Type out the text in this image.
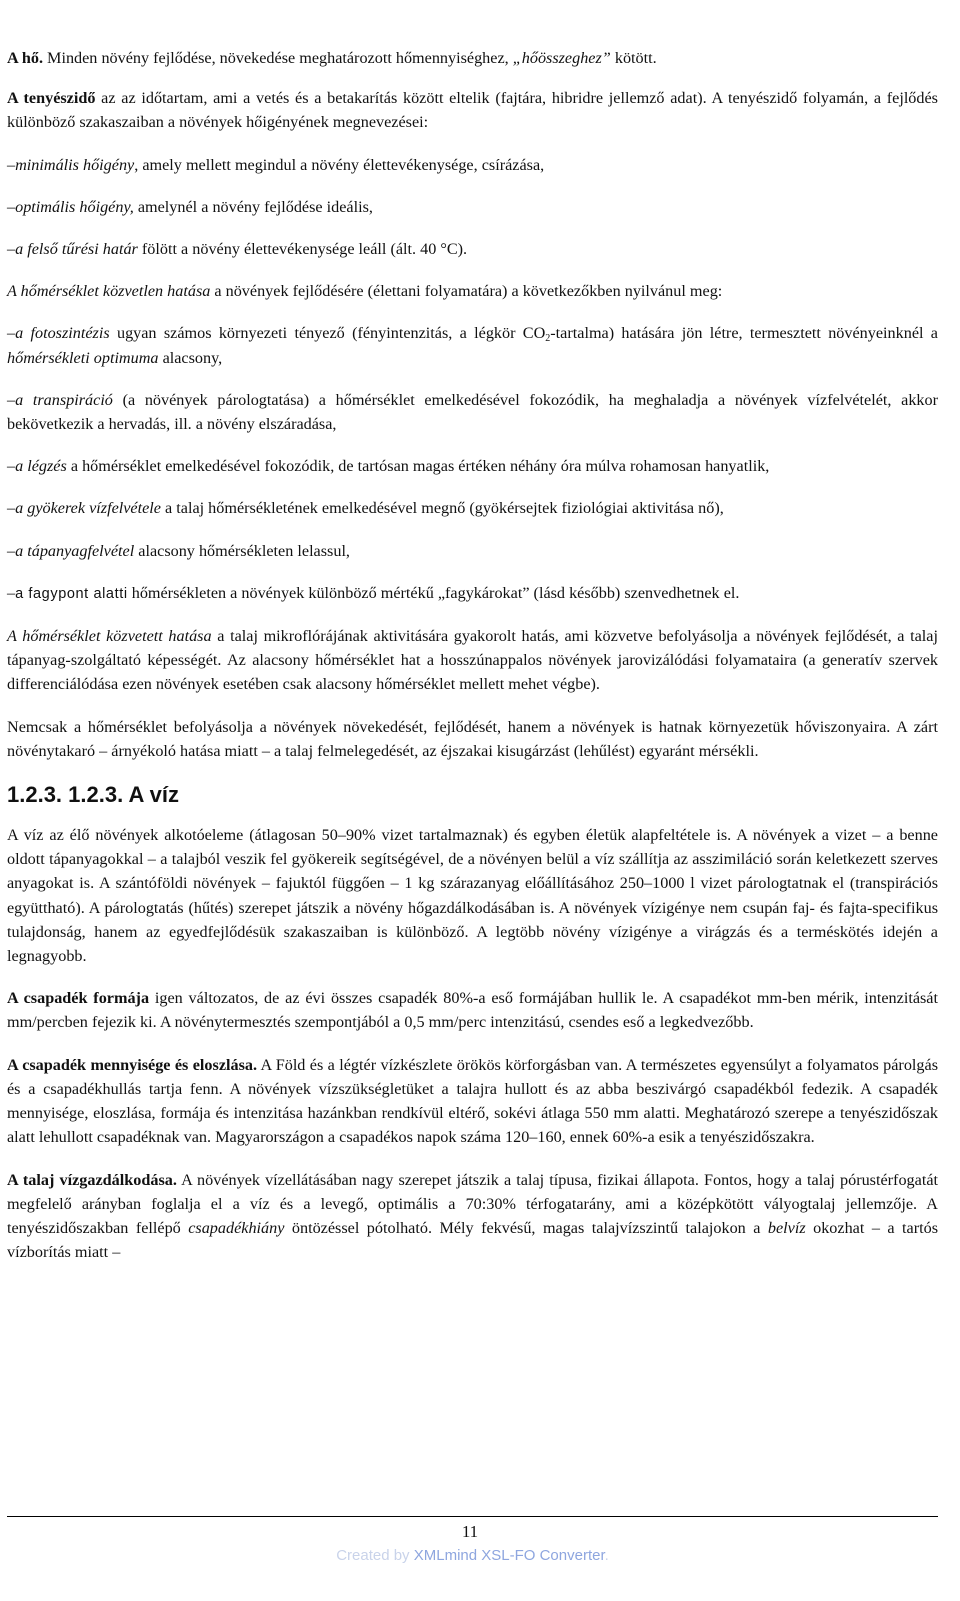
A hő. Minden növény fejlődése, növekedése meghatározott hőmennyiséghez, „hőösszeghez” kötött.

A tenyészidő az az időtartam, ami a vetés és a betakarítás között eltelik (fajtára, hibridre jellemző adat). A tenyészidő folyamán, a fejlődés különböző szakaszaiban a növények hőigényének megnevezései:

–minimális hőigény, amely mellett megindul a növény élettevékenysége, csírázása,

–optimális hőigény, amelynél a növény fejlődése ideális,

–a felső tűrési határ fölött a növény élettevékenysége leáll (ált. 40 °C).

A hőmérséklet közvetlen hatása a növények fejlődésére (élettani folyamatára) a következőkben nyilvánul meg:

–a fotoszintézis ugyan számos környezeti tényező (fényintenzitás, a légkör $CO_2-tartalma$) hatására jön létre, termesztett növényeinknél a hőmérsékleti optimuma alacsony,

–a transpiráció (a növények párologtatása) a hőmérséklet emelkedésével fokozódik, ha meghaladja a növények vízfelvételét, akkor bekövetkezik a hervadás, ill. a növény elszáradása,

–a légzés a hőmérséklet emelkedésével fokozódik, de tartósan magas értéken néhány óra múlva rohamosan hanyatlik,

–a gyökerek vízfelvétele a talaj hőmérsékletének emelkedésével megnő (gyökérsejtek fiziológiai aktivitása nő),

–a tápanyagfelvétel alacsony hőmérsékleten lelassul,

–a fagypont alatti hőmérsékleten a növények különböző mértékű „fagykárokat” (lásd később) szenvedhetnek el.

A hőmérséklet közvetett hatása a talaj mikroflórájának aktivitására gyakorolt hatás, ami közvetve befolyásolja a növények fejlődését, a talaj tápanyag-szolgáltató képességét. Az alacsony hőmérséklet hat a hosszúnappalos növények jarovizálódási folyamataira (a generatív szervek differenciálódása ezen növények esetében csak alacsony hőmérséklet mellett mehet végbe).

Nemcsak a hőmérséklet befolyásolja a növények növekedését, fejlődését, hanem a növények is hatnak környezetük hőviszonyaira. A zárt növénytakaró – árnyékoló hatása miatt – a talaj felmelegedését, az éjszakai kisugárzást (lehűlést) egyaránt mérsékli.

1.2.3. 1.2.3. A víz

A víz az élő növények alkotóeleme (átlagosan 50–90% vizet tartalmaznak) és egyben életük alapfeltétele is. A növények a vizet – a benne oldott tápanyagokkal – a talajból veszik fel gyökereik segítségével, de a növényen belül a víz szállítja az asszimiláció során keletkezett szerves anyagokat is. A szántóföldi növények – fajuktól függően – 1 kg szárazanyag előállításához 250–1000 l vizet párologtatnak el (transpirációs együttható). A párologtatás (hűtés) szerepet játszik a növény hőgazdálkodásában is. A növények vízigénye nem csupán faj- és fajta-specifikus tulajdonság, hanem az egyedfejlődésük szakaszaiban is különböző. A legtöbb növény vízigénye a virágzás és a terméskötés idején a legnagyobb.

A csapadék formája igen változatos, de az évi összes csapadék 80%-a eső formájában hullik le. A csapadékot mm-ben mérik, intenzitását mm/percben fejezik ki. A növénytermesztés szempontjából a 0,5 mm/perc intenzitású, csendes eső a legkedvezőbb.

A csapadék mennyisége és eloszlása. A Föld és a légtér vízkészlete örökös körforgásban van. A természetes egyensúlyt a folyamatos párolgás és a csapadékhullás tartja fenn. A növények vízszükségletüket a talajra hullott és az abba beszivárgó csapadékból fedezik. A csapadék mennyisége, eloszlása, formája és intenzitása hazánkban rendkívül eltérő, sokévi átlaga 550 mm alatti. Meghatározó szerepe a tenyészidőszak alatt lehullott csapadéknak van. Magyarországon a csapadékos napok száma 120–160, ennek 60%-a esik a tenyészidőszakra.

A talaj vízgazdálkodása. A növények vízellátásában nagy szerepet játszik a talaj típusa, fizikai állapota. Fontos, hogy a talaj pórustérfogatát megfelelő arányban foglalja el a víz és a levegő, optimális a 70:30% térfogatarány, ami a középkötött vályogtalaj jellemzője. A tenyészidőszakban fellépő csapadékhiány öntözéssel pótolható. Mély fekvésű, magas talajvízszintű talajokon a belvíz okozhat – a tartós vízborítás miatt –

11
Created by XMLmind XSL-FO Converter.
